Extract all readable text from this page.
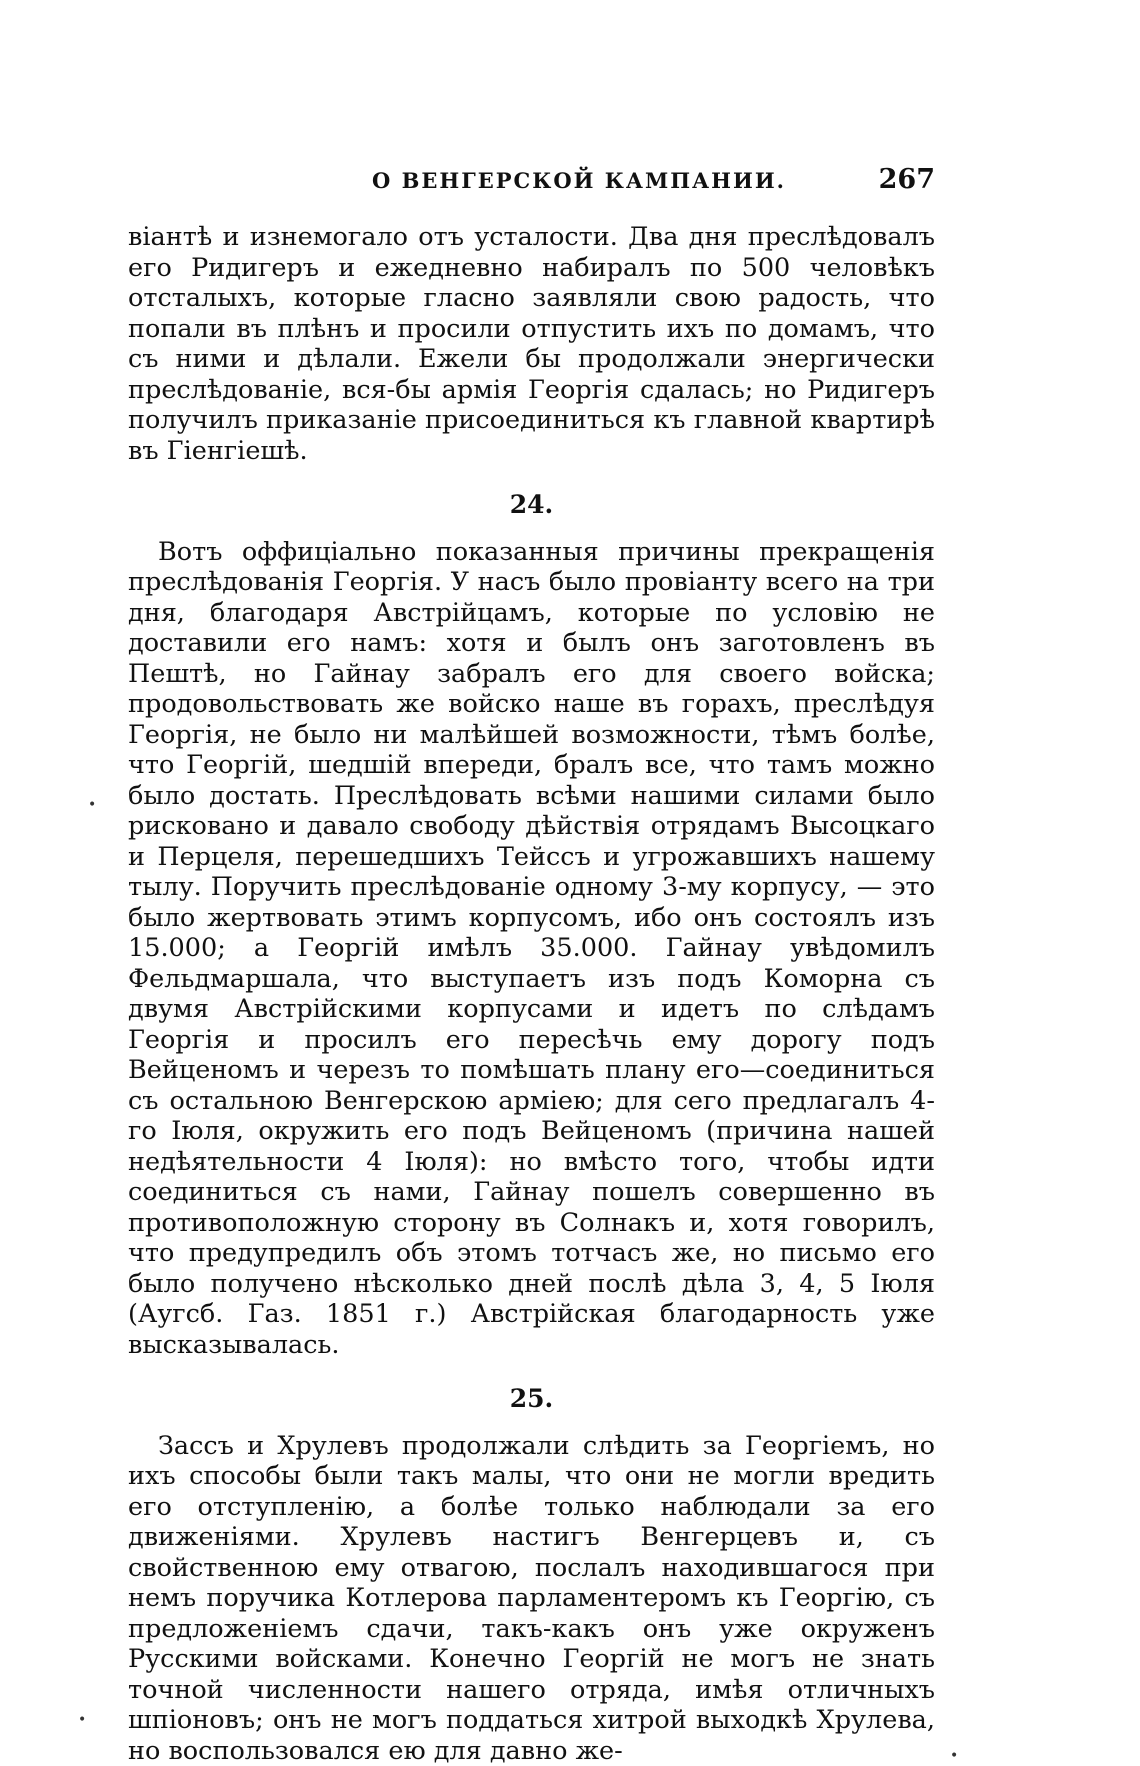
О ВЕНГЕРСКОЙ КАМПАНИИ.	267

віантѣ и изнемогало отъ усталости. Два дня преслѣдовалъ его Ридигеръ и ежедневно набиралъ по 500 человѣкъ отсталыхъ, которые гласно заявляли свою радость, что попали въ плѣнъ и просили отпустить ихъ по домамъ, что съ ними и дѣлали. Ежели бы продолжали энергически преслѣдованіе, вся-бы армія Георгія сдалась; но Ридигеръ получилъ приказаніе присоединиться къ главной квартирѣ въ Гіенгіешѣ.

24.

Вотъ оффиціально показанныя причины прекращенія преслѣдованія Георгія. У насъ было провіанту всего на три дня, благодаря Австрійцамъ, которые по условію не доставили его намъ: хотя и былъ онъ заготовленъ въ Пештѣ, но Гайнау забралъ его для своего войска; продовольствовать же войско наше въ горахъ, преслѣдуя Георгія, не было ни малѣйшей возможности, тѣмъ болѣе, что Георгій, шедшій впереди, бралъ все, что тамъ можно было достать. Преслѣдовать всѣми нашими силами было рисковано и давало свободу дѣйствія отрядамъ Высоцкаго и Перцеля, перешедшихъ Тейссъ и угрожавшихъ нашему тылу. Поручить преслѣдованіе одному 3-му корпусу, — это было жертвовать этимъ корпусомъ, ибо онъ состоялъ изъ 15.000; а Георгій имѣлъ 35.000. Гайнау увѣдомилъ Фельдмаршала, что выступаетъ изъ подъ Коморна съ двумя Австрійскими корпусами и идетъ по слѣдамъ Георгія и просилъ его пересѣчь ему дорогу подъ Вейценомъ и черезъ то помѣшать плану его—соединиться съ остальною Венгерскою арміею; для сего предлагалъ 4-го Іюля, окружить его подъ Вейценомъ (причина нашей недѣятельности 4 Іюля): но вмѣсто того, чтобы идти соединиться съ нами, Гайнау пошелъ совершенно въ противоположную сторону въ Солнакъ и, хотя говорилъ, что предупредилъ объ этомъ тотчасъ же, но письмо его было получено нѣсколько дней послѣ дѣла 3, 4, 5 Іюля (Аугсб. Газ. 1851 г.) Австрійская благодарность уже высказывалась.

25.

Зассъ и Хрулевъ продолжали слѣдить за Георгіемъ, но ихъ способы были такъ малы, что они не могли вредить его отступленію, а болѣе только наблюдали за его движеніями. Хрулевъ настигъ Венгерцевъ и, съ свойственною ему отвагою, послалъ находившагося при немъ поручика Котлерова парламентеромъ къ Георгію, съ предложеніемъ сдачи, такъ-какъ онъ уже окруженъ Русскими войсками. Конечно Георгій не могъ не знать точной численности нашего отряда, имѣя отличныхъ шпіоновъ; онъ не могъ поддаться хитрой выходкѣ Хрулева, но воспользовался ею для давно же-

•
•
•
